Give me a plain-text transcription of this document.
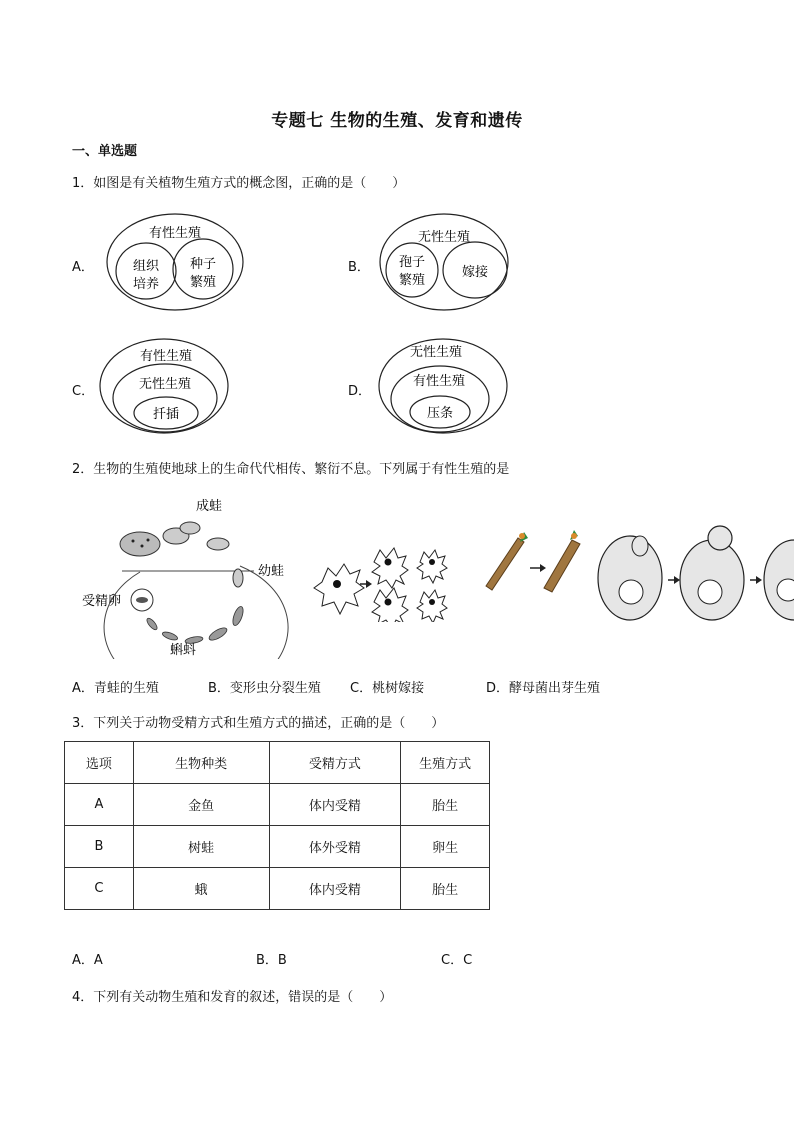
专题七 生物的生殖、发育和遗传
一、单选题
1．如图是有关植物生殖方式的概念图，正确的是（　　）
A．
有性生殖
组织
培养
种子
繁殖
B．
无性生殖
孢子
繁殖
嫁接
C．
有性生殖
无性生殖
扦插
D．
无性生殖
有性生殖
压条
2．生物的生殖使地球上的生命代代相传、繁衍不息。下列属于有性生殖的是
成蛙
幼蛙
受精卵
蝌蚪
A．青蛙的生殖	B．变形虫分裂生殖 C．桃树嫁接	D．酵母菌出芽生殖
3．下列关于动物受精方式和生殖方式的描述，正确的是（　　）
选项	生物种类	受精方式	生殖方式
A	金鱼	体内受精	胎生
B	树蛙	体外受精	卵生
C	蛾	体内受精	胎生
A．A	B．B	C．C
4．下列有关动物生殖和发育的叙述，错误的是（　　）
